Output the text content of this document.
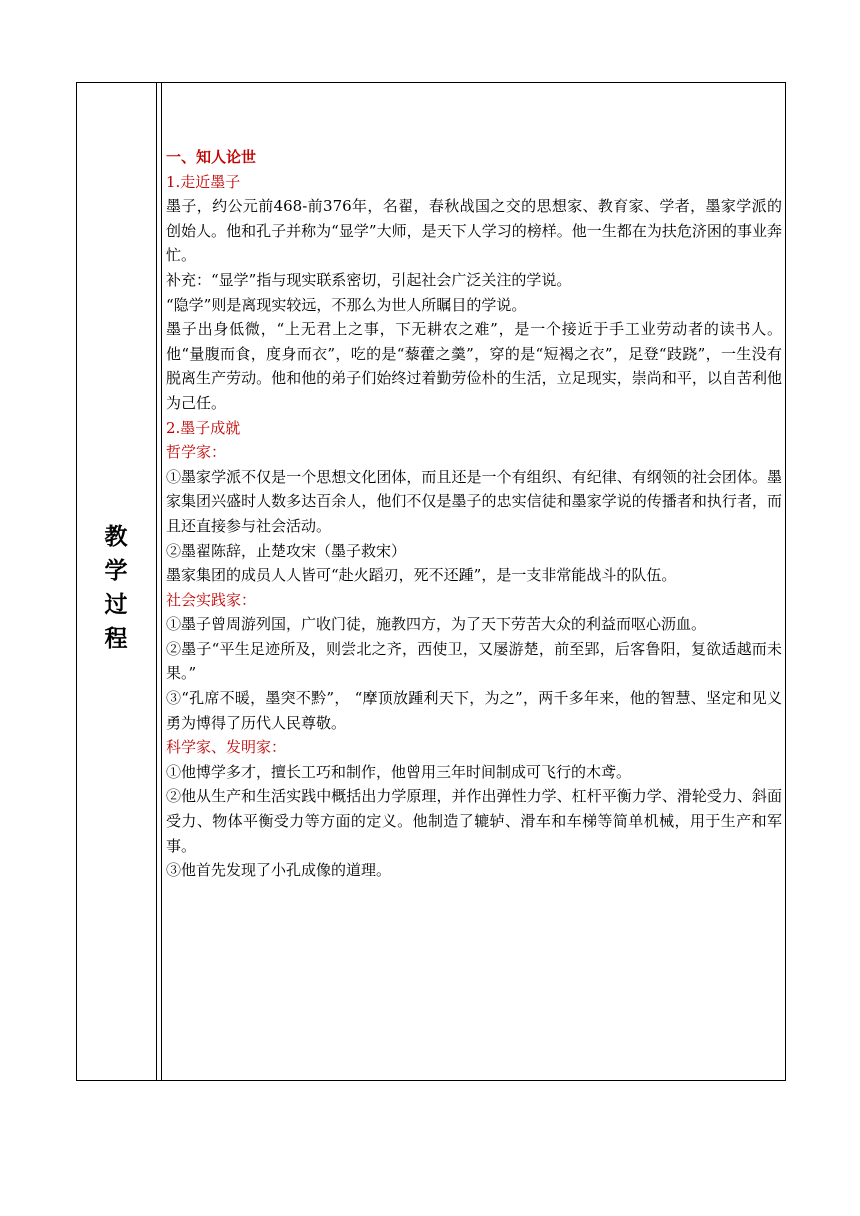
教
学
过
程

一、知人论世

1.走近墨子

墨子，约公元前468-前376年，名翟，春秋战国之交的思想家、教育家、学者，墨家学派的创始人。他和孔子并称为“显学”大师，是天下人学习的榜样。他一生都在为扶危济困的事业奔忙。

补充：“显学”指与现实联系密切，引起社会广泛关注的学说。

“隐学”则是离现实较远，不那么为世人所瞩目的学说。

墨子出身低微，“上无君上之事，下无耕农之难”，是一个接近于手工业劳动者的读书人。他“量腹而食，度身而衣”，吃的是“藜藿之羹”，穿的是“短褐之衣”，足登“跂跷”，一生没有脱离生产劳动。他和他的弟子们始终过着勤劳俭朴的生活，立足现实，崇尚和平，以自苦利他为己任。

2.墨子成就

哲学家：

①墨家学派不仅是一个思想文化团体，而且还是一个有组织、有纪律、有纲领的社会团体。墨家集团兴盛时人数多达百余人，他们不仅是墨子的忠实信徒和墨家学说的传播者和执行者，而且还直接参与社会活动。

②墨翟陈辞，止楚攻宋（墨子救宋）

墨家集团的成员人人皆可“赴火蹈刃，死不还踵”，是一支非常能战斗的队伍。

社会实践家：

①墨子曾周游列国，广收门徒，施教四方，为了天下劳苦大众的利益而呕心沥血。

②墨子“平生足迹所及，则尝北之齐，西使卫，又屡游楚，前至郢，后客鲁阳，复欲适越而未果。”

③“孔席不暖，墨突不黔”， “摩顶放踵利天下，为之”，两千多年来，他的智慧、坚定和见义勇为博得了历代人民尊敬。

科学家、发明家：

①他博学多才，擅长工巧和制作，他曾用三年时间制成可飞行的木鸢。

②他从生产和生活实践中概括出力学原理，并作出弹性力学、杠杆平衡力学、滑轮受力、斜面受力、物体平衡受力等方面的定义。他制造了辘轳、滑车和车梯等简单机械，用于生产和军事。

③他首先发现了小孔成像的道理。
